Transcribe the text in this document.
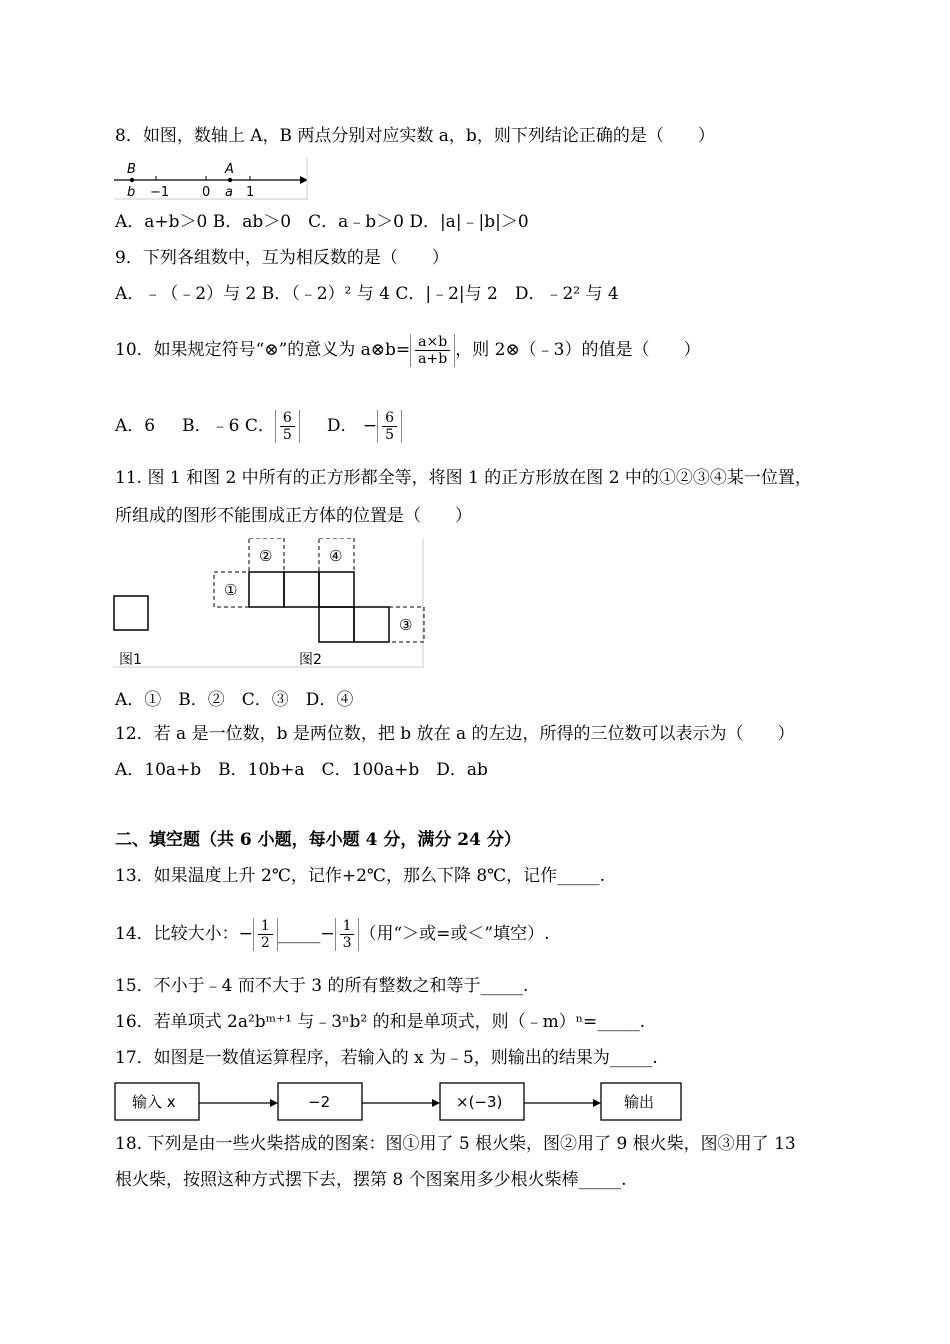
8．如图，数轴上 A，B 两点分别对应实数 a，b，则下列结论正确的是（　　）
B	A
b −1	0 a 1
A．a+b＞0 B．ab＞0　C．a﹣b＞0 D．|a|﹣|b|＞0
9．下列各组数中，互为相反数的是（　　）
A．﹣（﹣2）与 2 B．（﹣2）² 与 4 C．|﹣2|与 2　D．﹣2² 与 4
10．如果规定符号“⊗”的意义为 a⊗b= $\frac{a\times b}{a+b}$ ，则 2⊗（﹣3）的值是（　　）
A．6 B．﹣6 C． $\frac{6}{5}$ D． − $\frac{6}{5}$
11. 图 1 和图 2 中所有的正方形都全等，将图 1 的正方形放在图 2 中的①②③④某一位置，
所组成的图形不能围成正方体的位置是（　　）
图1	图2
①
②
③
④
A．①　B．②　C．③　D．④
12．若 a 是一位数，b 是两位数，把 b 放在 a 的左边，所得的三位数可以表示为（　　）
A．10a+b　B．10b+a　C．100a+b　D．ab
二、填空题（共 6 小题，每小题 4 分，满分 24 分）
13．如果温度上升 2℃，记作+2℃，那么下降 8℃，记作_____.
14．比较大小：− $\frac{1}{2}$ _____− $\frac{1}{3}$ （用“＞或=或＜”填空）.
15．不小于﹣4 而不大于 3 的所有整数之和等于_____.
16．若单项式 2a²bᵐ⁺¹ 与﹣3ⁿb² 的和是单项式，则（﹣m）ⁿ=_____.
17．如图是一数值运算程序，若输入的 x 为﹣5，则输出的结果为_____.
输入 x	−2	×(−3)	输出
18. 下列是由一些火柴搭成的图案：图①用了 5 根火柴，图②用了 9 根火柴，图③用了 13
根火柴，按照这种方式摆下去，摆第 8 个图案用多少根火柴棒_____.
